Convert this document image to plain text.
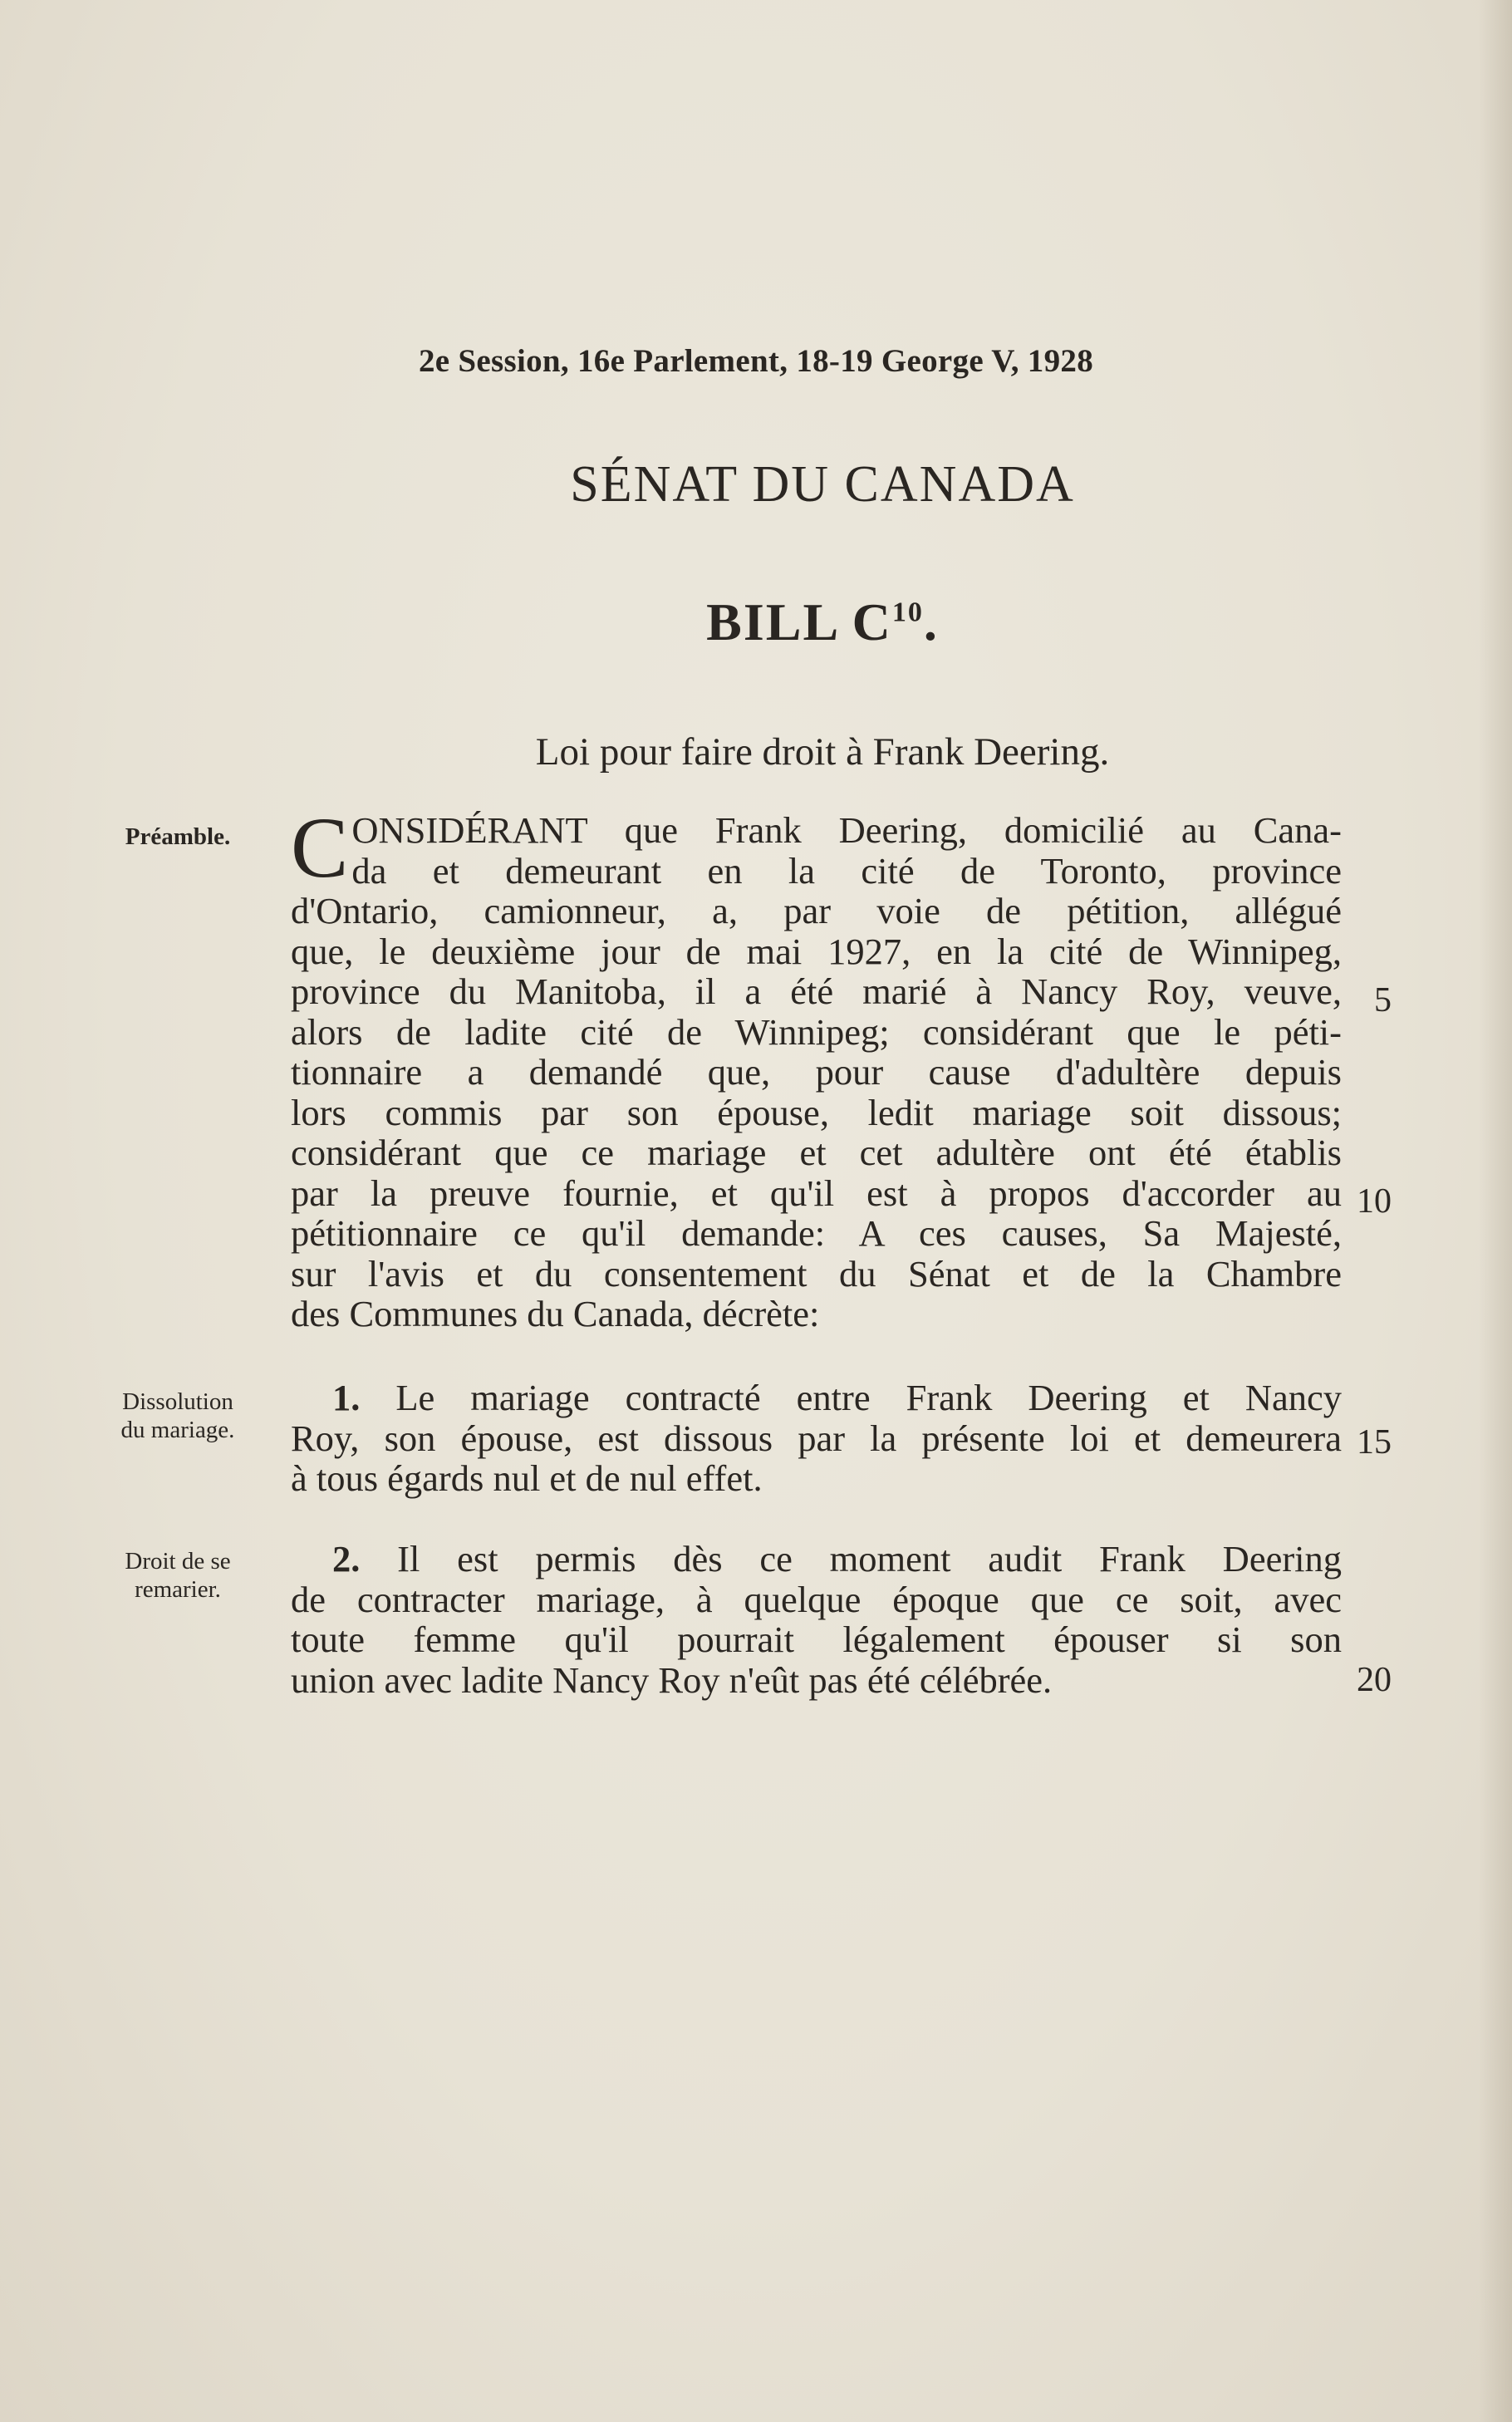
2e Session, 16e Parlement, 18-19 George V, 1928
SÉNAT DU CANADA
BILL $C^{10}$.
Loi pour faire droit à Frank Deering.
Préamble.
Dissolution
du mariage.
Droit de se
remarier.
C ONSIDÉRANT que Frank Deering, domicilié au Cana-
da et demeurant en la cité de Toronto, province
d'Ontario, camionneur, a, par voie de pétition, allégué
que, le deuxième jour de mai 1927, en la cité de Winnipeg,
province du Manitoba, il a été marié à Nancy Roy, veuve,
alors de ladite cité de Winnipeg; considérant que le péti-
tionnaire a demandé que, pour cause d'adultère depuis
lors commis par son épouse, ledit mariage soit dissous;
considérant que ce mariage et cet adultère ont été établis
par la preuve fournie, et qu'il est à propos d'accorder au
pétitionnaire ce qu'il demande: A ces causes, Sa Majesté,
sur l'avis et du consentement du Sénat et de la Chambre
des Communes du Canada, décrète:
1. Le mariage contracté entre Frank Deering et Nancy
Roy, son épouse, est dissous par la présente loi et demeurera
à tous égards nul et de nul effet.
2. Il est permis dès ce moment audit Frank Deering
de contracter mariage, à quelque époque que ce soit, avec
toute femme qu'il pourrait légalement épouser si son
union avec ladite Nancy Roy n'eût pas été célébrée.
5
10
15
20
